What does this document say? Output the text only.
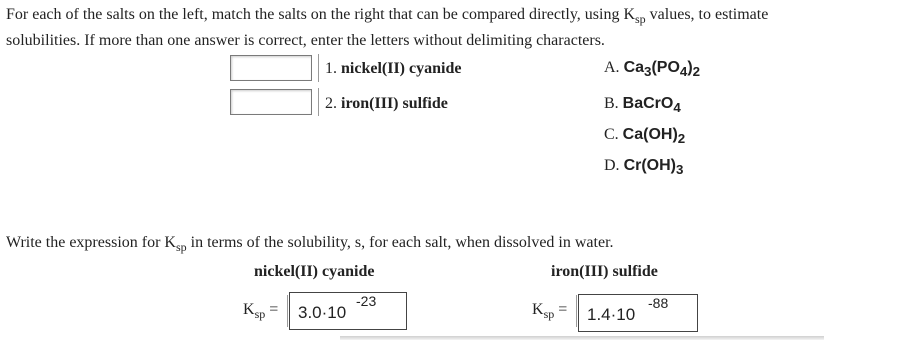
For each of the salts on the left, match the salts on the right that can be compared directly, using $K_{sp}$ values, to estimate
solubilities. If more than one answer is correct, enter the letters without delimiting characters.
1. nickel(II) cyanide
2. iron(III) sulfide
A. $Ca_3(PO_4)_2$
B. BaCrO$_4$
C. $Ca(OH)_2$
D. $Cr(OH)_3$
Write the expression for $K_{sp}$ in terms of the solubility, s, for each salt, when dissolved in water.
nickel(II) cyanide	iron(III) sulfide
$K_{sp} = 3.0\cdot 10$
-23	$K_{sp} = 1.4\cdot 10$
-88
